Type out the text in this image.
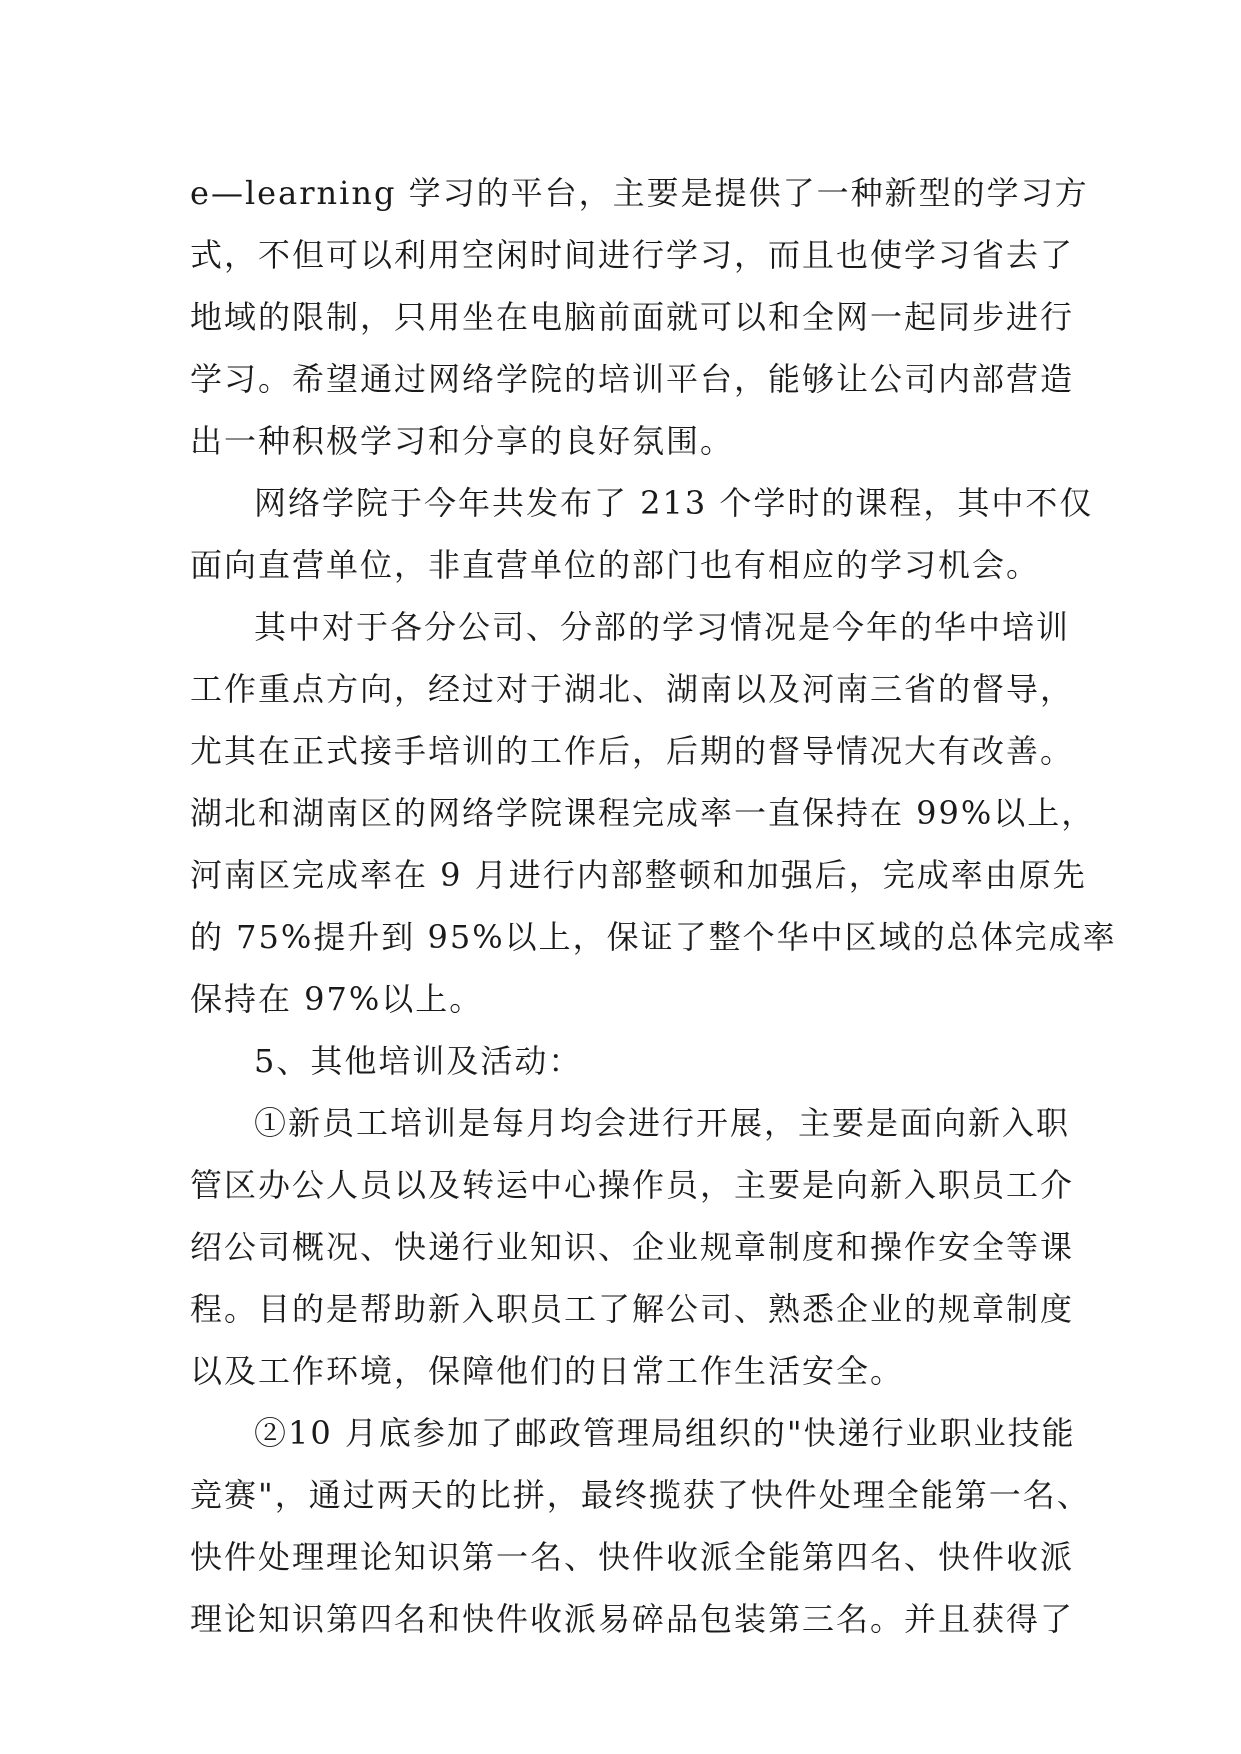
e—learning 学习的平台，主要是提供了一种新型的学习方
式，不但可以利用空闲时间进行学习，而且也使学习省去了
地域的限制，只用坐在电脑前面就可以和全网一起同步进行
学习。希望通过网络学院的培训平台，能够让公司内部营造
出一种积极学习和分享的良好氛围。
网络学院于今年共发布了 213 个学时的课程，其中不仅
面向直营单位，非直营单位的部门也有相应的学习机会。
其中对于各分公司、分部的学习情况是今年的华中培训
工作重点方向，经过对于湖北、湖南以及河南三省的督导，
尤其在正式接手培训的工作后，后期的督导情况大有改善。
湖北和湖南区的网络学院课程完成率一直保持在 99%以上，
河南区完成率在 9 月进行内部整顿和加强后，完成率由原先
的 75%提升到 95%以上，保证了整个华中区域的总体完成率
保持在 97%以上。
5、其他培训及活动：
①新员工培训是每月均会进行开展，主要是面向新入职
管区办公人员以及转运中心操作员，主要是向新入职员工介
绍公司概况、快递行业知识、企业规章制度和操作安全等课
程。目的是帮助新入职员工了解公司、熟悉企业的规章制度
以及工作环境，保障他们的日常工作生活安全。
②10 月底参加了邮政管理局组织的"快递行业职业技能
竞赛"，通过两天的比拼，最终揽获了快件处理全能第一名、
快件处理理论知识第一名、快件收派全能第四名、快件收派
理论知识第四名和快件收派易碎品包装第三名。并且获得了
